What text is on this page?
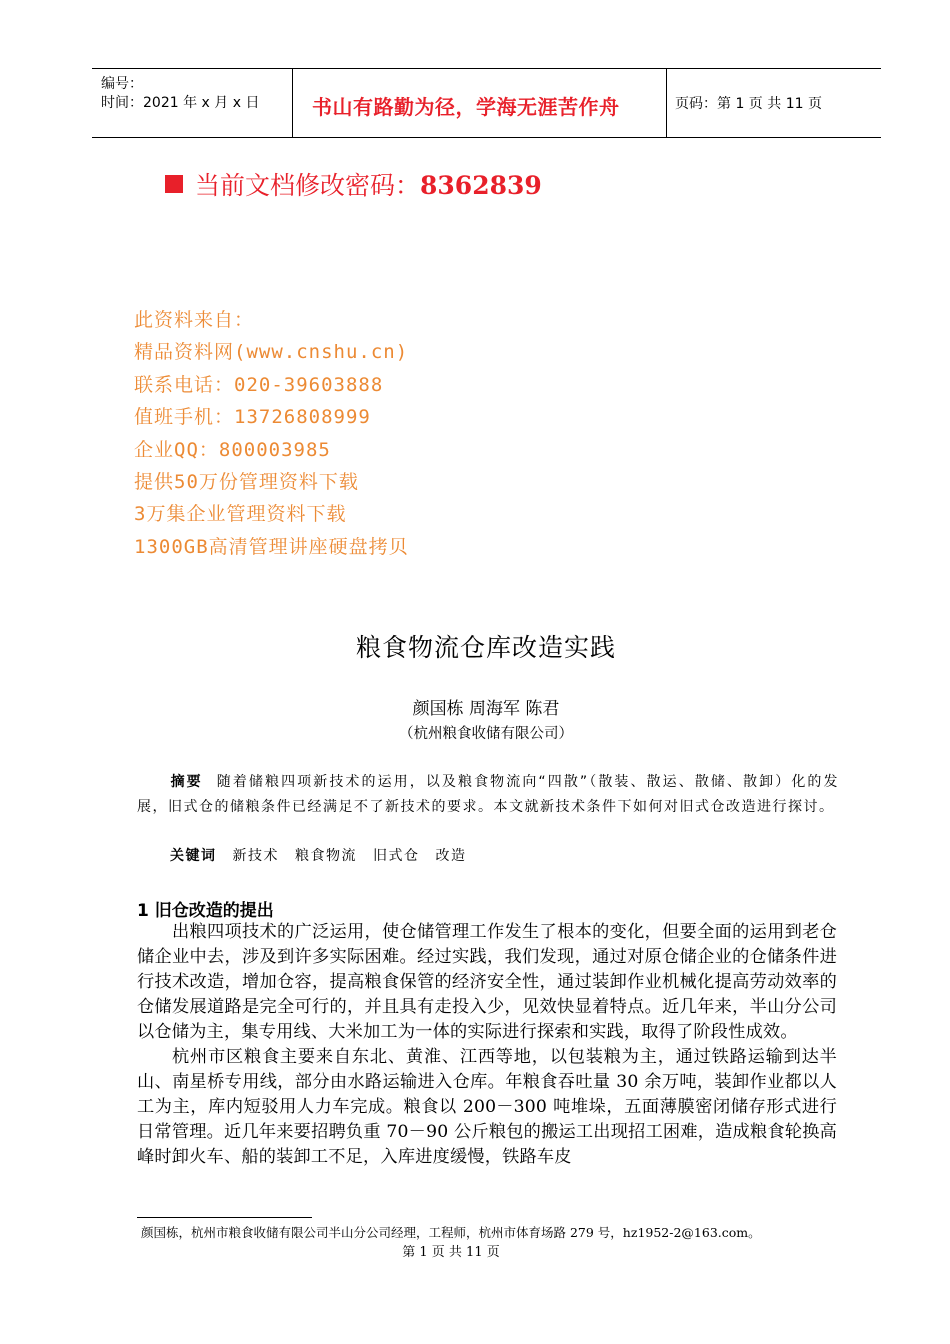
编号：
时间：2021 年 x 月 x 日	书山有路勤为径，学海无涯苦作舟	页码：第 1 页 共 11 页
当前文档修改密码：8362839
此资料来自：
精品资料网(www.cnshu.cn)
联系电话：020-39603888
值班手机：13726808999
企业QQ：800003985
提供50万份管理资料下载
3万集企业管理资料下载
1300GB高清管理讲座硬盘拷贝
粮食物流仓库改造实践
颜国栋 周海军 陈君
（杭州粮食收储有限公司）
摘要 随着储粮四项新技术的运用，以及粮食物流向“四散”（散装、散运、散储、散卸）化的发展，旧式仓的储粮条件已经满足不了新技术的要求。本文就新技术条件下如何对旧式仓改造进行探讨。
关键词 新技术 粮食物流 旧式仓 改造
1 旧仓改造的提出

出粮四项技术的广泛运用，使仓储管理工作发生了根本的变化，但要全面的运用到老仓储企业中去，涉及到许多实际困难。经过实践，我们发现，通过对原仓储企业的仓储条件进行技术改造，增加仓容，提高粮食保管的经济安全性，通过装卸作业机械化提高劳动效率的仓储发展道路是完全可行的，并且具有走投入少，见效快显着特点。近几年来，半山分公司以仓储为主，集专用线、大米加工为一体的实际进行探索和实践，取得了阶段性成效。

杭州市区粮食主要来自东北、黄淮、江西等地，以包装粮为主，通过铁路运输到达半山、南星桥专用线，部分由水路运输进入仓库。年粮食吞吐量 30 余万吨，装卸作业都以人工为主，库内短驳用人力车完成。粮食以 200－300 吨堆垛，五面薄膜密闭储存形式进行日常管理。近几年来要招聘负重 70－90 公斤粮包的搬运工出现招工困难，造成粮食轮换高峰时卸火车、船的装卸工不足，入库进度缓慢，铁路车皮

颜国栋，杭州市粮食收储有限公司半山分公司经理，工程师，杭州市体育场路 279 号，hz1952-2@163.com。
第 1 页 共 11 页
